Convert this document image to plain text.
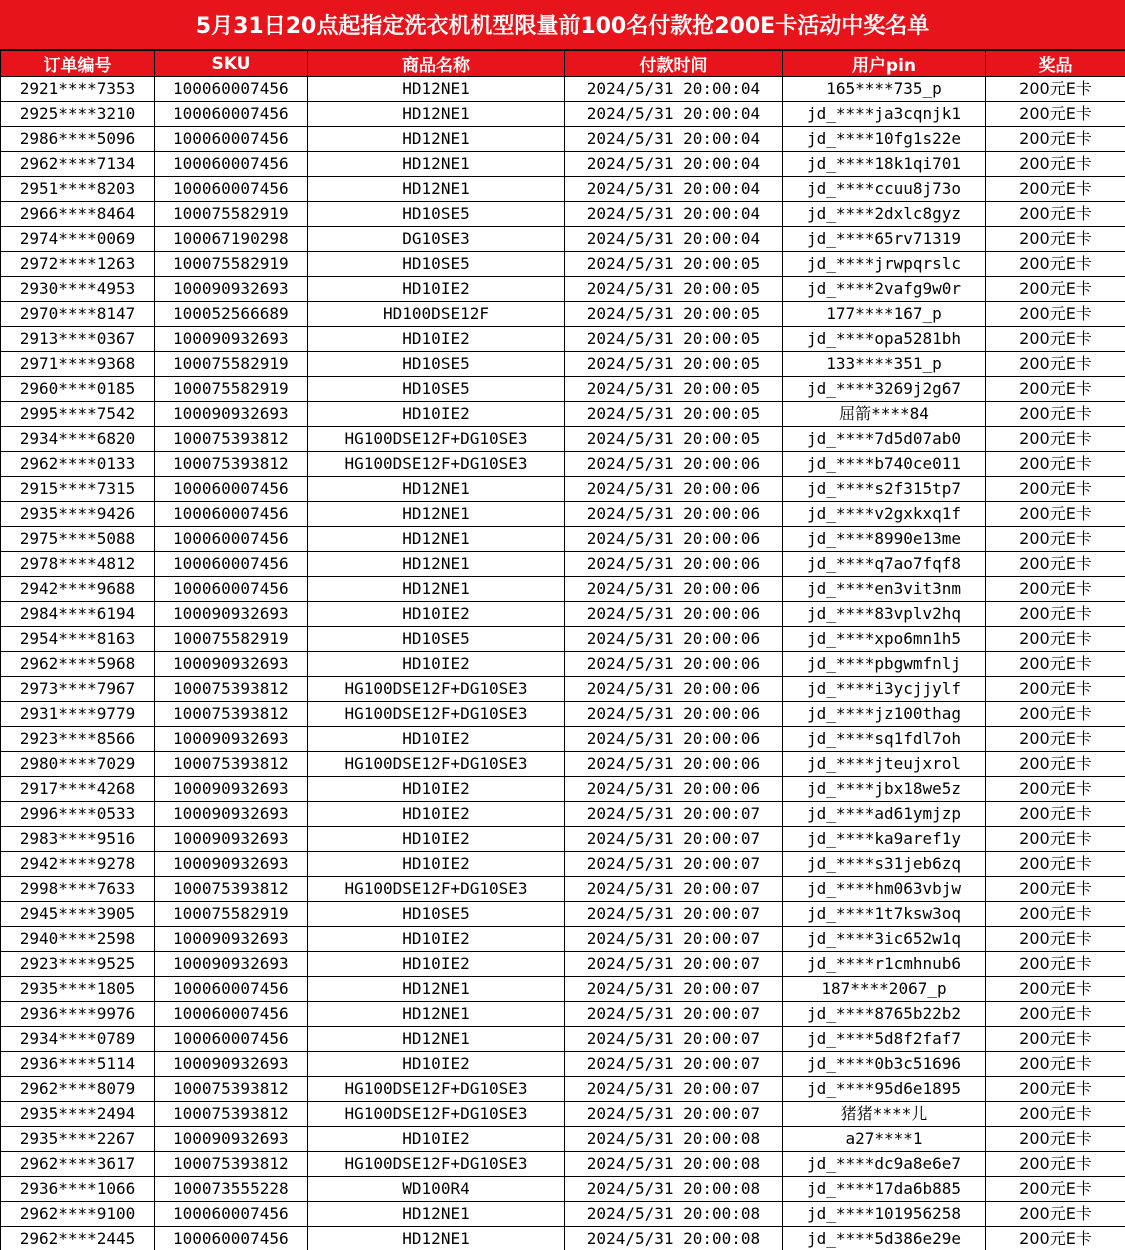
5月31日20点起指定洗衣机机型限量前100名付款抢200E卡活动中奖名单
订单编号	SKU	商品名称	付款时间	用户pin	奖品
2921****7353	100060007456	HD12NE1	2024/5/31 20:00:04	165****735_p	200元E卡
2925****3210	100060007456	HD12NE1	2024/5/31 20:00:04	jd_****ja3cqnjk1	200元E卡
2986****5096	100060007456	HD12NE1	2024/5/31 20:00:04	jd_****10fg1s22e	200元E卡
2962****7134	100060007456	HD12NE1	2024/5/31 20:00:04	jd_****18k1qi701	200元E卡
2951****8203	100060007456	HD12NE1	2024/5/31 20:00:04	jd_****ccuu8j73o	200元E卡
2966****8464	100075582919	HD10SE5	2024/5/31 20:00:04	jd_****2dxlc8gyz	200元E卡
2974****0069	100067190298	DG10SE3	2024/5/31 20:00:04	jd_****65rv71319	200元E卡
2972****1263	100075582919	HD10SE5	2024/5/31 20:00:05	jd_****jrwpqrslc	200元E卡
2930****4953	100090932693	HD10IE2	2024/5/31 20:00:05	jd_****2vafg9w0r	200元E卡
2970****8147	100052566689	HD100DSE12F	2024/5/31 20:00:05	177****167_p	200元E卡
2913****0367	100090932693	HD10IE2	2024/5/31 20:00:05	jd_****opa5281bh	200元E卡
2971****9368	100075582919	HD10SE5	2024/5/31 20:00:05	133****351_p	200元E卡
2960****0185	100075582919	HD10SE5	2024/5/31 20:00:05	jd_****3269j2g67	200元E卡
2995****7542	100090932693	HD10IE2	2024/5/31 20:00:05	屈箭****84	200元E卡
2934****6820	100075393812	HG100DSE12F+DG10SE3	2024/5/31 20:00:05	jd_****7d5d07ab0	200元E卡
2962****0133	100075393812	HG100DSE12F+DG10SE3	2024/5/31 20:00:06	jd_****b740ce011	200元E卡
2915****7315	100060007456	HD12NE1	2024/5/31 20:00:06	jd_****s2f315tp7	200元E卡
2935****9426	100060007456	HD12NE1	2024/5/31 20:00:06	jd_****v2gxkxq1f	200元E卡
2975****5088	100060007456	HD12NE1	2024/5/31 20:00:06	jd_****8990e13me	200元E卡
2978****4812	100060007456	HD12NE1	2024/5/31 20:00:06	jd_****q7ao7fqf8	200元E卡
2942****9688	100060007456	HD12NE1	2024/5/31 20:00:06	jd_****en3vit3nm	200元E卡
2984****6194	100090932693	HD10IE2	2024/5/31 20:00:06	jd_****83vplv2hq	200元E卡
2954****8163	100075582919	HD10SE5	2024/5/31 20:00:06	jd_****xpo6mn1h5	200元E卡
2962****5968	100090932693	HD10IE2	2024/5/31 20:00:06	jd_****pbgwmfnlj	200元E卡
2973****7967	100075393812	HG100DSE12F+DG10SE3	2024/5/31 20:00:06	jd_****i3ycjjylf	200元E卡
2931****9779	100075393812	HG100DSE12F+DG10SE3	2024/5/31 20:00:06	jd_****jz100thag	200元E卡
2923****8566	100090932693	HD10IE2	2024/5/31 20:00:06	jd_****sq1fdl7oh	200元E卡
2980****7029	100075393812	HG100DSE12F+DG10SE3	2024/5/31 20:00:06	jd_****jteujxrol	200元E卡
2917****4268	100090932693	HD10IE2	2024/5/31 20:00:06	jd_****jbx18we5z	200元E卡
2996****0533	100090932693	HD10IE2	2024/5/31 20:00:07	jd_****ad61ymjzp	200元E卡
2983****9516	100090932693	HD10IE2	2024/5/31 20:00:07	jd_****ka9aref1y	200元E卡
2942****9278	100090932693	HD10IE2	2024/5/31 20:00:07	jd_****s31jeb6zq	200元E卡
2998****7633	100075393812	HG100DSE12F+DG10SE3	2024/5/31 20:00:07	jd_****hm063vbjw	200元E卡
2945****3905	100075582919	HD10SE5	2024/5/31 20:00:07	jd_****1t7ksw3oq	200元E卡
2940****2598	100090932693	HD10IE2	2024/5/31 20:00:07	jd_****3ic652w1q	200元E卡
2923****9525	100090932693	HD10IE2	2024/5/31 20:00:07	jd_****r1cmhnub6	200元E卡
2935****1805	100060007456	HD12NE1	2024/5/31 20:00:07	187****2067_p	200元E卡
2936****9976	100060007456	HD12NE1	2024/5/31 20:00:07	jd_****8765b22b2	200元E卡
2934****0789	100060007456	HD12NE1	2024/5/31 20:00:07	jd_****5d8f2faf7	200元E卡
2936****5114	100090932693	HD10IE2	2024/5/31 20:00:07	jd_****0b3c51696	200元E卡
2962****8079	100075393812	HG100DSE12F+DG10SE3	2024/5/31 20:00:07	jd_****95d6e1895	200元E卡
2935****2494	100075393812	HG100DSE12F+DG10SE3	2024/5/31 20:00:07	猪猪****儿	200元E卡
2935****2267	100090932693	HD10IE2	2024/5/31 20:00:08	a27****1	200元E卡
2962****3617	100075393812	HG100DSE12F+DG10SE3	2024/5/31 20:00:08	jd_****dc9a8e6e7	200元E卡
2936****1066	100073555228	WD100R4	2024/5/31 20:00:08	jd_****17da6b885	200元E卡
2962****9100	100060007456	HD12NE1	2024/5/31 20:00:08	jd_****101956258	200元E卡
2962****2445	100060007456	HD12NE1	2024/5/31 20:00:08	jd_****5d386e29e	200元E卡
